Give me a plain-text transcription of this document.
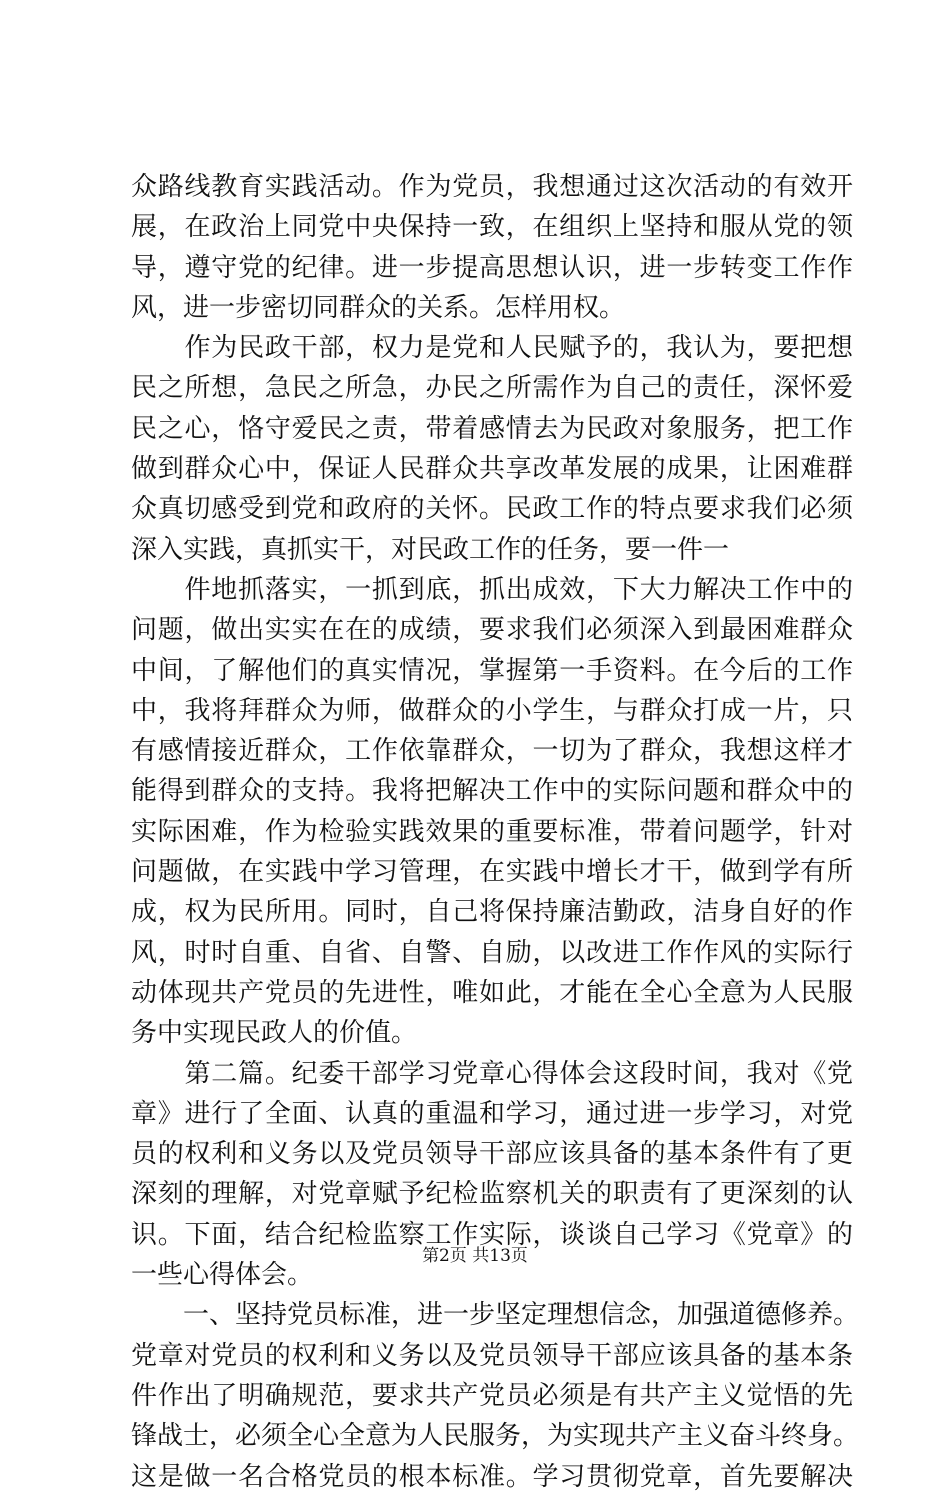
众路线教育实践活动。作为党员，我想通过这次活动的有效开
展，在政治上同党中央保持一致，在组织上坚持和服从党的领
导，遵守党的纪律。进一步提高思想认识，进一步转变工作作
风，进一步密切同群众的关系。怎样用权。
　　作为民政干部，权力是党和人民赋予的，我认为，要把想
民之所想，急民之所急，办民之所需作为自己的责任，深怀爱
民之心，恪守爱民之责，带着感情去为民政对象服务，把工作
做到群众心中，保证人民群众共享改革发展的成果，让困难群
众真切感受到党和政府的关怀。民政工作的特点要求我们必须
深入实践，真抓实干，对民政工作的任务，要一件一
　　件地抓落实，一抓到底，抓出成效，下大力解决工作中的
问题，做出实实在在的成绩，要求我们必须深入到最困难群众
中间，了解他们的真实情况，掌握第一手资料。在今后的工作
中，我将拜群众为师，做群众的小学生，与群众打成一片，只
有感情接近群众，工作依靠群众，一切为了群众，我想这样才
能得到群众的支持。我将把解决工作中的实际问题和群众中的
实际困难，作为检验实践效果的重要标准，带着问题学，针对
问题做，在实践中学习管理，在实践中增长才干，做到学有所
成，权为民所用。同时，自己将保持廉洁勤政，洁身自好的作
风，时时自重、自省、自警、自励，以改进工作作风的实际行
动体现共产党员的先进性，唯如此，才能在全心全意为人民服
务中实现民政人的价值。
　　第二篇。纪委干部学习党章心得体会这段时间，我对《党
章》进行了全面、认真的重温和学习，通过进一步学习，对党
员的权利和义务以及党员领导干部应该具备的基本条件有了更
深刻的理解，对党章赋予纪检监察机关的职责有了更深刻的认
识。下面，结合纪检监察工作实际，谈谈自己学习《党章》的
一些心得体会。
　　一、坚持党员标准，进一步坚定理想信念，加强道德修养。
党章对党员的权利和义务以及党员领导干部应该具备的基本条
件作出了明确规范，要求共产党员必须是有共产主义觉悟的先
锋战士，必须全心全意为人民服务，为实现共产主义奋斗终身。
这是做一名合格党员的根本标准。学习贯彻党章，首先要解决
第2页 共13页
